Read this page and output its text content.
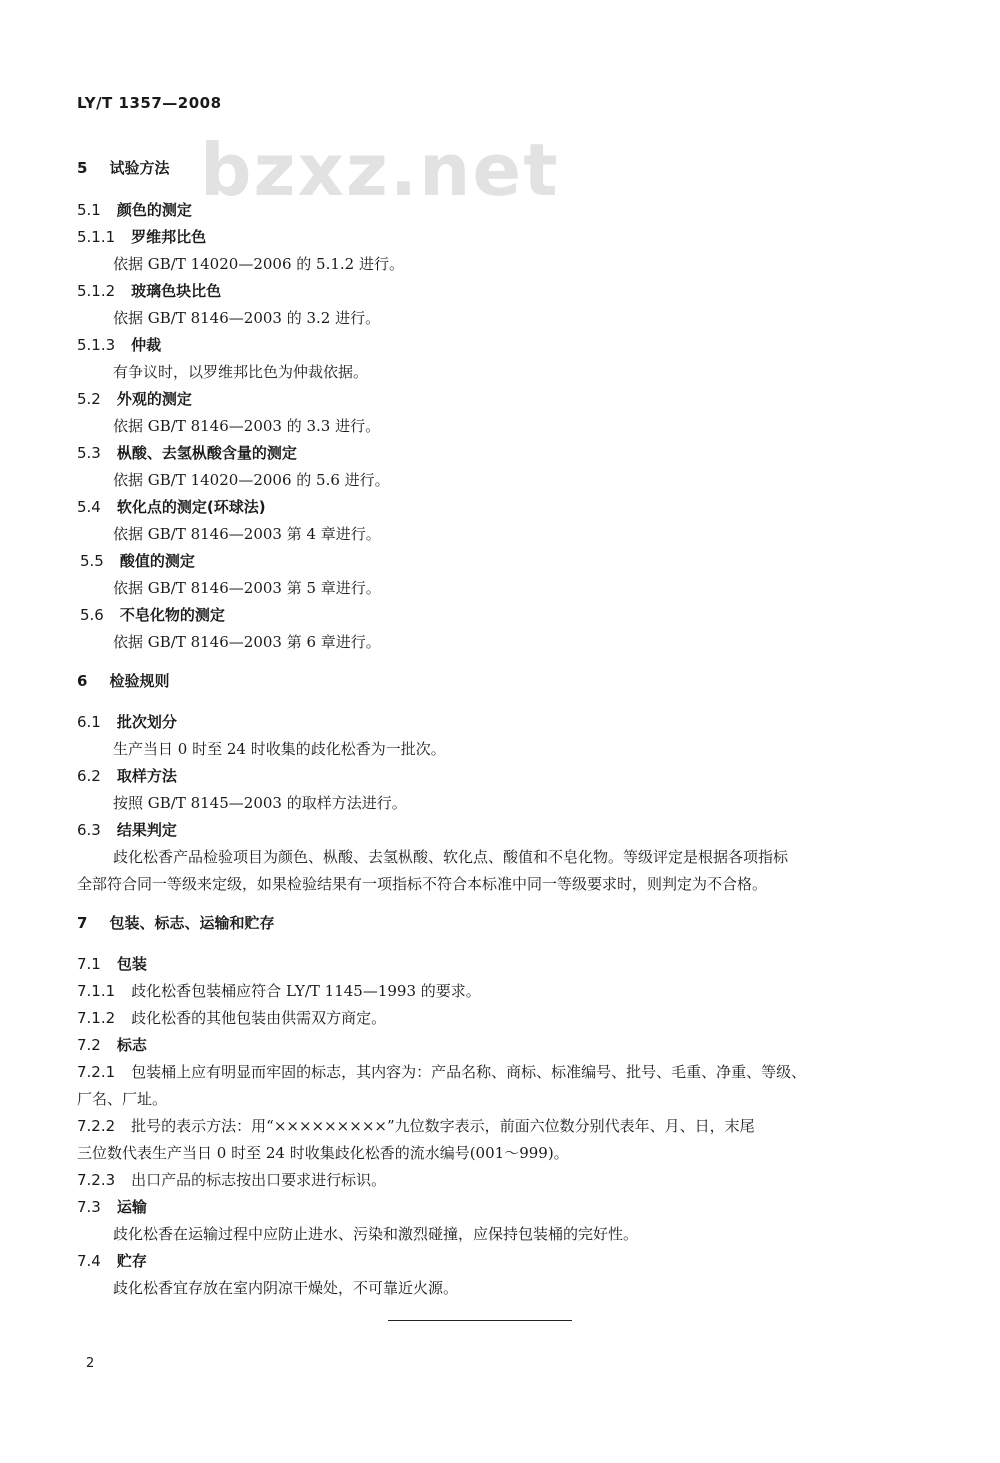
bzxz.net
LY/T 1357—2008
5 试验方法
5.1 颜色的测定
5.1.1 罗维邦比色
依据 GB/T 14020—2006 的 5.1.2 进行。
5.1.2 玻璃色块比色
依据 GB/T 8146—2003 的 3.2 进行。
5.1.3 仲裁
有争议时，以罗维邦比色为仲裁依据。
5.2 外观的测定
依据 GB/T 8146—2003 的 3.3 进行。
5.3 枞酸、去氢枞酸含量的测定
依据 GB/T 14020—2006 的 5.6 进行。
5.4 软化点的测定(环球法)
依据 GB/T 8146—2003 第 4 章进行。
5.5 酸值的测定
依据 GB/T 8146—2003 第 5 章进行。
5.6 不皂化物的测定
依据 GB/T 8146—2003 第 6 章进行。
6 检验规则
6.1 批次划分
生产当日 0 时至 24 时收集的歧化松香为一批次。
6.2 取样方法
按照 GB/T 8145—2003 的取样方法进行。
6.3 结果判定
歧化松香产品检验项目为颜色、枞酸、去氢枞酸、软化点、酸值和不皂化物。等级评定是根据各项指标
全部符合同一等级来定级，如果检验结果有一项指标不符合本标准中同一等级要求时，则判定为不合格。
7 包装、标志、运输和贮存
7.1 包装
7.1.1 歧化松香包装桶应符合 LY/T 1145—1993 的要求。
7.1.2 歧化松香的其他包装由供需双方商定。
7.2 标志
7.2.1 包装桶上应有明显而牢固的标志，其内容为：产品名称、商标、标准编号、批号、毛重、净重、等级、
厂名、厂址。
7.2.2 批号的表示方法：用“×××××××××”九位数字表示，前面六位数分别代表年、月、日，末尾
三位数代表生产当日 0 时至 24 时收集歧化松香的流水编号(001～999)。
7.2.3 出口产品的标志按出口要求进行标识。
7.3 运输
歧化松香在运输过程中应防止进水、污染和激烈碰撞，应保持包装桶的完好性。
7.4 贮存
歧化松香宜存放在室内阴凉干燥处，不可靠近火源。
2
